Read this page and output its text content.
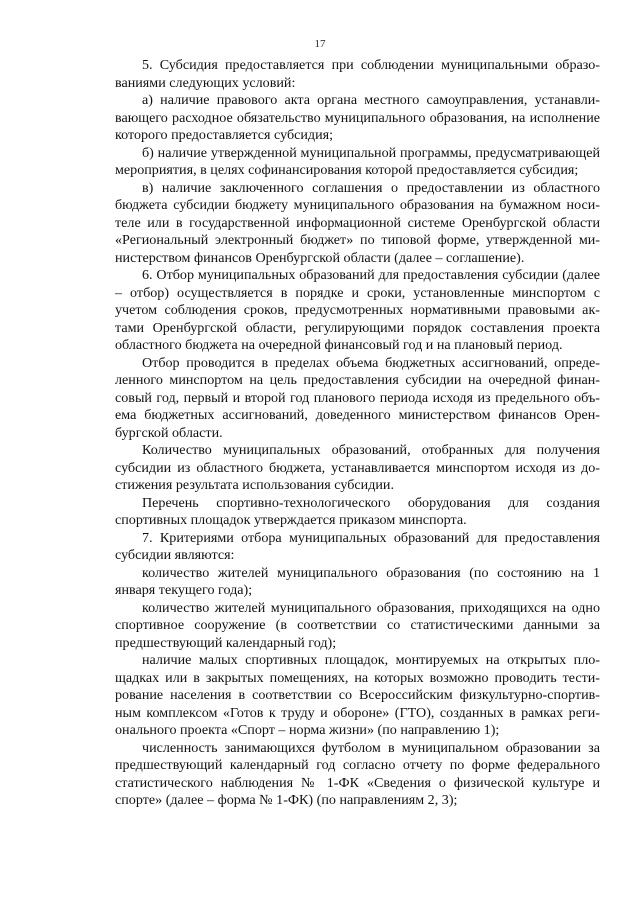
17

5. Субсидия предоставляется при соблюдении муниципальными образованиями следующих условий:

а) наличие правового акта органа местного самоуправления, устанавливающего расходное обязательство муниципального образования, на исполнение которого предоставляется субсидия;

б) наличие утвержденной муниципальной программы, предусматривающей мероприятия, в целях софинансирования которой предоставляется субсидия;

в) наличие заключенного соглашения о предоставлении из областного бюджета субсидии бюджету муниципального образования на бумажном носителе или в государственной информационной системе Оренбургской области «Региональный электронный бюджет» по типовой форме, утвержденной министерством финансов Оренбургской области (далее – соглашение).

6. Отбор муниципальных образований для предоставления субсидии (далее – отбор) осуществляется в порядке и сроки, установленные минспортом с учетом соблюдения сроков, предусмотренных нормативными правовыми актами Оренбургской области, регулирующими порядок составления проекта областного бюджета на очередной финансовый год и на плановый период.

Отбор проводится в пределах объема бюджетных ассигнований, определенного минспортом на цель предоставления субсидии на очередной финансовый год, первый и второй год планового периода исходя из предельного объема бюджетных ассигнований, доведенного министерством финансов Оренбургской области.

Количество муниципальных образований, отобранных для получения субсидии из областного бюджета, устанавливается минспортом исходя из достижения результата использования субсидии.

Перечень спортивно-технологического оборудования для создания спортивных площадок утверждается приказом минспорта.

7. Критериями отбора муниципальных образований для предоставления субсидии являются:

количество жителей муниципального образования (по состоянию на 1 января текущего года);

количество жителей муниципального образования, приходящихся на одно спортивное сооружение (в соответствии со статистическими данными за предшествующий календарный год);

наличие малых спортивных площадок, монтируемых на открытых площадках или в закрытых помещениях, на которых возможно проводить тестирование населения в соответствии со Всероссийским физкультурно-спортивным комплексом «Готов к труду и обороне» (ГТО), созданных в рамках регионального проекта «Спорт – норма жизни» (по направлению 1);

численность занимающихся футболом в муниципальном образовании за предшествующий календарный год согласно отчету по форме федерального статистического наблюдения № 1-ФК «Сведения о физической культуре и спорте» (далее – форма № 1-ФК) (по направлениям 2, 3);
